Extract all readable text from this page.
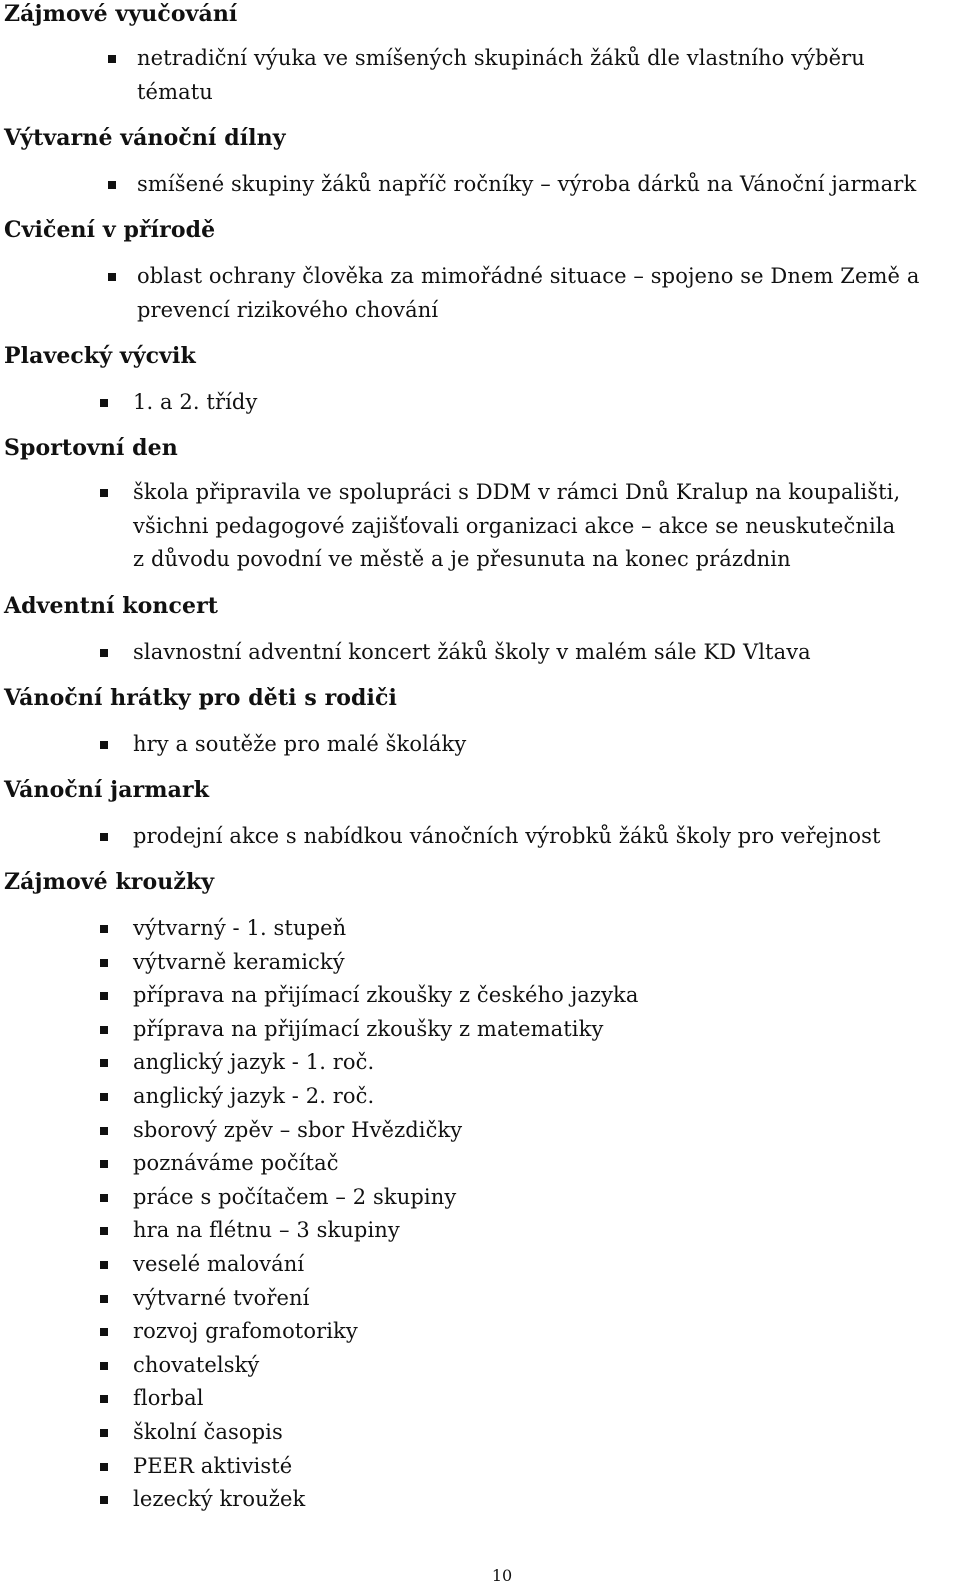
Zájmové vyučování
netradiční výuka ve smíšených skupinách žáků dle vlastního výběru
tématu
Výtvarné vánoční dílny
smíšené skupiny žáků napříč ročníky – výroba dárků na Vánoční jarmark
Cvičení v přírodě
oblast ochrany člověka za mimořádné situace – spojeno se Dnem Země a
prevencí rizikového chování
Plavecký výcvik
1. a 2. třídy
Sportovní den
škola připravila ve spolupráci s DDM v rámci Dnů Kralup na koupališti,
všichni pedagogové zajišťovali organizaci akce – akce se neuskutečnila
z důvodu povodní ve městě a je přesunuta na konec prázdnin
Adventní koncert
slavnostní adventní koncert žáků školy v malém sále KD Vltava
Vánoční hrátky pro děti s rodiči
hry a soutěže pro malé školáky
Vánoční jarmark
prodejní akce s nabídkou vánočních výrobků žáků školy pro veřejnost
Zájmové kroužky
výtvarný - 1. stupeň
výtvarně keramický
příprava na přijímací zkoušky z českého jazyka
příprava na přijímací zkoušky z matematiky
anglický jazyk - 1. roč.
anglický jazyk - 2. roč.
sborový zpěv – sbor Hvězdičky
poznáváme počítač
práce s počítačem – 2 skupiny
hra na flétnu – 3 skupiny
veselé malování
výtvarné tvoření
rozvoj grafomotoriky
chovatelský
florbal
školní časopis
PEER aktivisté
lezecký kroužek
10
